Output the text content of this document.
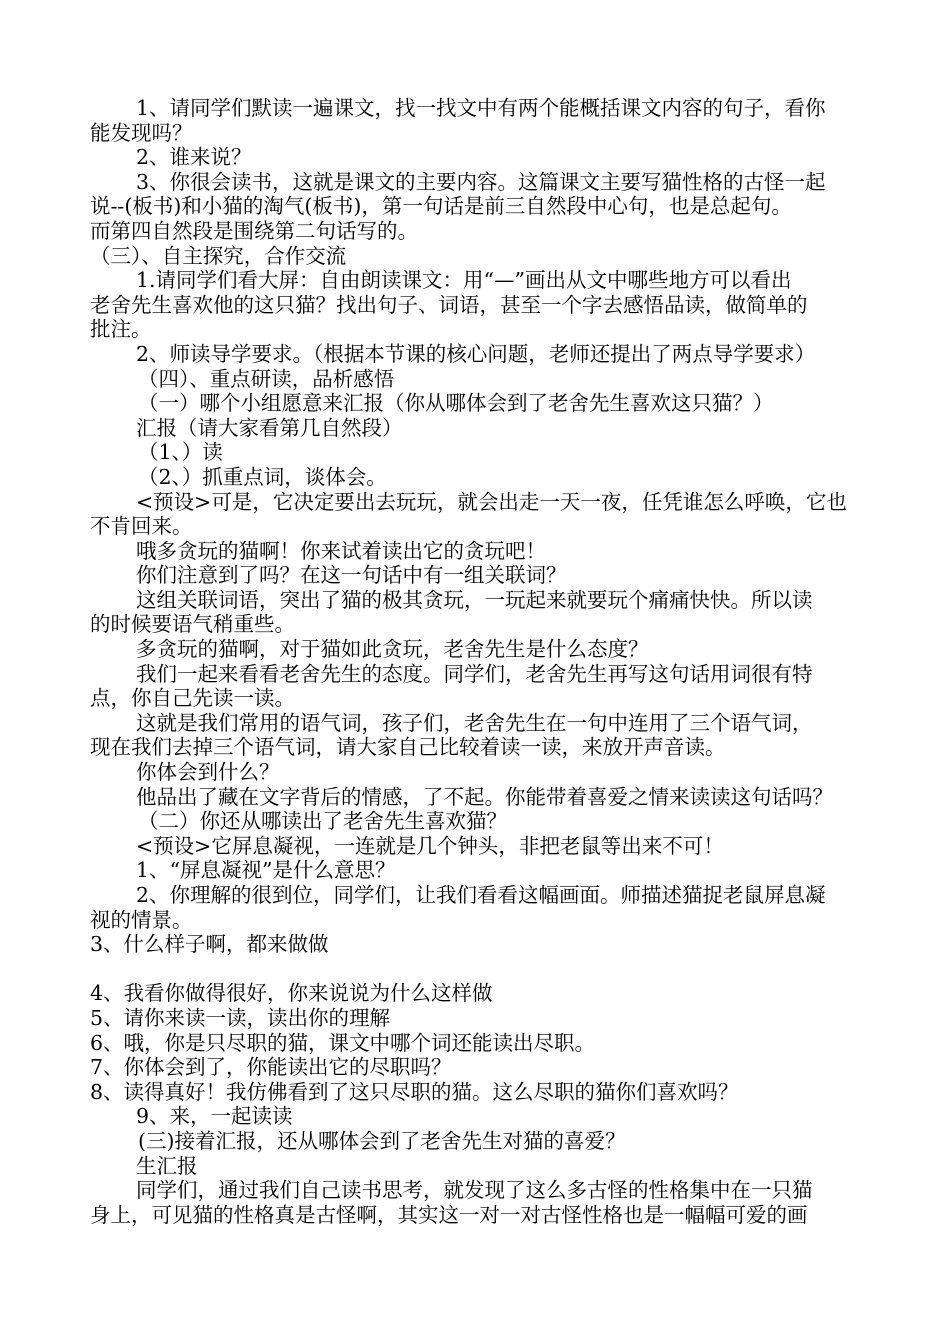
1、请同学们默读一遍课文，找一找文中有两个能概括课文内容的句子，看你

能发现吗？

2、谁来说？

3、你很会读书，这就是课文的主要内容。这篇课文主要写猫性格的古怪一起

说--(板书)和小猫的淘气(板书)，第一句话是前三自然段中心句，也是总起句。

而第四自然段是围绕第二句话写的。

（三）、自主探究，合作交流

1.请同学们看大屏：自由朗读课文：用“—”画出从文中哪些地方可以看出

老舍先生喜欢他的这只猫？找出句子、词语，甚至一个字去感悟品读，做简单的

批注。

2、师读导学要求。（根据本节课的核心问题，老师还提出了两点导学要求）

（四）、重点研读，品析感悟

（一）哪个小组愿意来汇报（你从哪体会到了老舍先生喜欢这只猫？）

汇报（请大家看第几自然段）

（1、）读

（2、）抓重点词，谈体会。

<预设>可是，它决定要出去玩玩，就会出走一天一夜，任凭谁怎么呼唤，它也

不肯回来。

哦多贪玩的猫啊！你来试着读出它的贪玩吧！

你们注意到了吗？在这一句话中有一组关联词？

这组关联词语，突出了猫的极其贪玩，一玩起来就要玩个痛痛快快。所以读

的时候要语气稍重些。

多贪玩的猫啊，对于猫如此贪玩，老舍先生是什么态度？

我们一起来看看老舍先生的态度。同学们，老舍先生再写这句话用词很有特

点，你自己先读一读。

这就是我们常用的语气词，孩子们，老舍先生在一句中连用了三个语气词，

现在我们去掉三个语气词，请大家自己比较着读一读，来放开声音读。

你体会到什么？

他品出了藏在文字背后的情感，了不起。你能带着喜爱之情来读读这句话吗？

（二）你还从哪读出了老舍先生喜欢猫？

<预设>它屏息凝视，一连就是几个钟头，非把老鼠等出来不可！

1、“屏息凝视”是什么意思？

2、你理解的很到位，同学们，让我们看看这幅画面。师描述猫捉老鼠屏息凝

视的情景。

3、什么样子啊，都来做做

4、我看你做得很好，你来说说为什么这样做

5、请你来读一读，读出你的理解

6、哦，你是只尽职的猫，课文中哪个词还能读出尽职。

7、你体会到了，你能读出它的尽职吗？

8、读得真好！我仿佛看到了这只尽职的猫。这么尽职的猫你们喜欢吗？

9、来，一起读读

(三)接着汇报，还从哪体会到了老舍先生对猫的喜爱？

生汇报

同学们，通过我们自己读书思考，就发现了这么多古怪的性格集中在一只猫

身上，可见猫的性格真是古怪啊，其实这一对一对古怪性格也是一幅幅可爱的画
